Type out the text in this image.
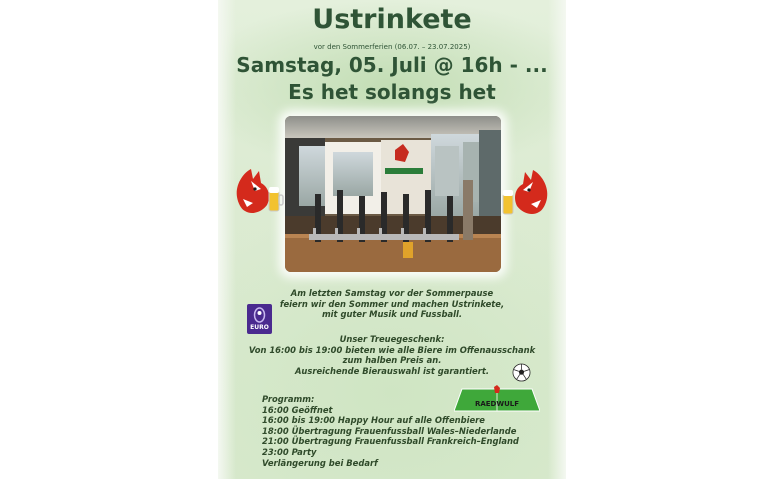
Ustrinkete
vor den Sommerferien (06.07. – 23.07.2025)
Samstag, 05. Juli @ 16h - ...
Es het solangs het
Am letzten Samstag vor der Sommerpause
feiern wir den Sommer und machen Ustrinkete,
mit guter Musik und Fussball.
Unser Treuegeschenk:
Von 16:00 bis 19:00 bieten wie alle Biere im Offenausschank
zum halben Preis an.
Ausreichende Bierauswahl ist garantiert.
Programm:
16:00 Geöffnet
16:00 bis 19:00 Happy Hour auf alle Offenbiere
18:00 Übertragung Frauenfussball Wales–Niederlande
21:00 Übertragung Frauenfussball Frankreich–England
23:00 Party
Verlängerung bei Bedarf
EURO
RAEDWULF
